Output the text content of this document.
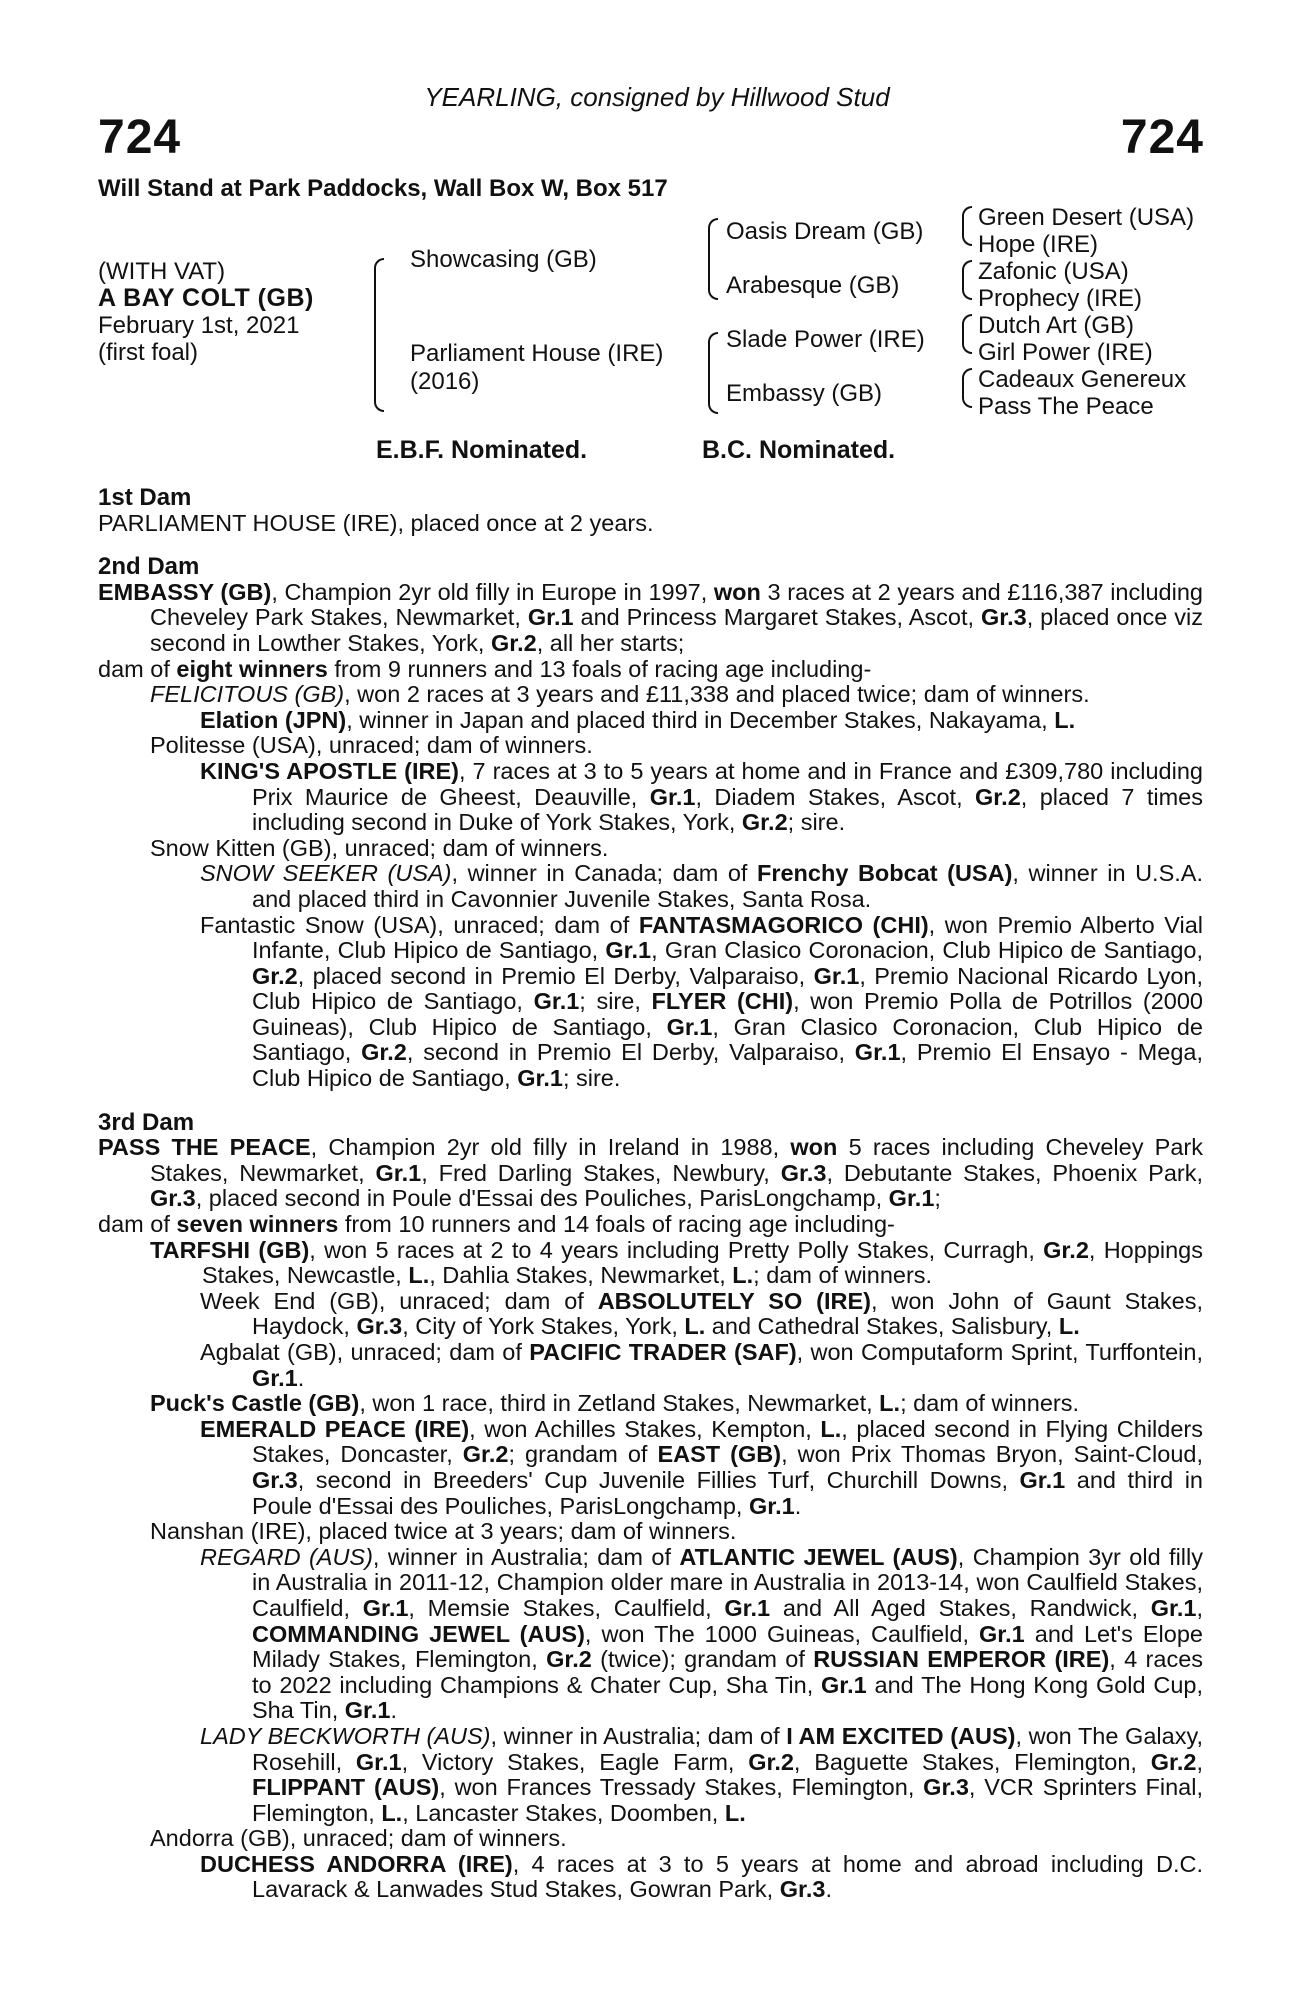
YEARLING, consigned by Hillwood Stud
724	724
Will Stand at Park Paddocks, Wall Box W, Box 517
(WITH VAT)
A BAY COLT (GB)
February 1st, 2021
(first foal)
Showcasing (GB)
Parliament House (IRE)
(2016)
Oasis Dream (GB)
Arabesque (GB)
Slade Power (IRE)
Embassy (GB)
Green Desert (USA)
Hope (IRE)
Zafonic (USA)
Prophecy (IRE)
Dutch Art (GB)
Girl Power (IRE)
Cadeaux Genereux
Pass The Peace
E.B.F. Nominated.	B.C. Nominated.

1st Dam

PARLIAMENT HOUSE (IRE), placed once at 2 years.

2nd Dam

EMBASSY (GB), Champion 2yr old filly in Europe in 1997, won 3 races at 2 years and £116,387 including Cheveley Park Stakes, Newmarket, Gr.1 and Princess Margaret Stakes, Ascot, Gr.3, placed once viz second in Lowther Stakes, York, Gr.2, all her starts;

dam of eight winners from 9 runners and 13 foals of racing age including-

FELICITOUS (GB), won 2 races at 3 years and £11,338 and placed twice; dam of winners.

Elation (JPN), winner in Japan and placed third in December Stakes, Nakayama, L.

Politesse (USA), unraced; dam of winners.

KING'S APOSTLE (IRE), 7 races at 3 to 5 years at home and in France and £309,780 including Prix Maurice de Gheest, Deauville, Gr.1, Diadem Stakes, Ascot, Gr.2, placed 7 times including second in Duke of York Stakes, York, Gr.2; sire.

Snow Kitten (GB), unraced; dam of winners.

SNOW SEEKER (USA), winner in Canada; dam of Frenchy Bobcat (USA), winner in U.S.A. and placed third in Cavonnier Juvenile Stakes, Santa Rosa.

Fantastic Snow (USA), unraced; dam of FANTASMAGORICO (CHI), won Premio Alberto Vial Infante, Club Hipico de Santiago, Gr.1, Gran Clasico Coronacion, Club Hipico de Santiago, Gr.2, placed second in Premio El Derby, Valparaiso, Gr.1, Premio Nacional Ricardo Lyon, Club Hipico de Santiago, Gr.1; sire, FLYER (CHI), won Premio Polla de Potrillos (2000 Guineas), Club Hipico de Santiago, Gr.1, Gran Clasico Coronacion, Club Hipico de Santiago, Gr.2, second in Premio El Derby, Valparaiso, Gr.1, Premio El Ensayo - Mega, Club Hipico de Santiago, Gr.1; sire.

3rd Dam

PASS THE PEACE, Champion 2yr old filly in Ireland in 1988, won 5 races including Cheveley Park Stakes, Newmarket, Gr.1, Fred Darling Stakes, Newbury, Gr.3, Debutante Stakes, Phoenix Park, Gr.3, placed second in Poule d'Essai des Pouliches, ParisLongchamp, Gr.1;

dam of seven winners from 10 runners and 14 foals of racing age including-

TARFSHI (GB), won 5 races at 2 to 4 years including Pretty Polly Stakes, Curragh, Gr.2, Hoppings Stakes, Newcastle, L., Dahlia Stakes, Newmarket, L.; dam of winners.

Week End (GB), unraced; dam of ABSOLUTELY SO (IRE), won John of Gaunt Stakes, Haydock, Gr.3, City of York Stakes, York, L. and Cathedral Stakes, Salisbury, L.

Agbalat (GB), unraced; dam of PACIFIC TRADER (SAF), won Computaform Sprint, Turffontein, Gr.1.

Puck's Castle (GB), won 1 race, third in Zetland Stakes, Newmarket, L.; dam of winners.

EMERALD PEACE (IRE), won Achilles Stakes, Kempton, L., placed second in Flying Childers Stakes, Doncaster, Gr.2; grandam of EAST (GB), won Prix Thomas Bryon, Saint-Cloud, Gr.3, second in Breeders' Cup Juvenile Fillies Turf, Churchill Downs, Gr.1 and third in Poule d'Essai des Pouliches, ParisLongchamp, Gr.1.

Nanshan (IRE), placed twice at 3 years; dam of winners.

REGARD (AUS), winner in Australia; dam of ATLANTIC JEWEL (AUS), Champion 3yr old filly in Australia in 2011-12, Champion older mare in Australia in 2013-14, won Caulfield Stakes, Caulfield, Gr.1, Memsie Stakes, Caulfield, Gr.1 and All Aged Stakes, Randwick, Gr.1, COMMANDING JEWEL (AUS), won The 1000 Guineas, Caulfield, Gr.1 and Let's Elope Milady Stakes, Flemington, Gr.2 (twice); grandam of RUSSIAN EMPEROR (IRE), 4 races to 2022 including Champions & Chater Cup, Sha Tin, Gr.1 and The Hong Kong Gold Cup, Sha Tin, Gr.1.

LADY BECKWORTH (AUS), winner in Australia; dam of I AM EXCITED (AUS), won The Galaxy, Rosehill, Gr.1, Victory Stakes, Eagle Farm, Gr.2, Baguette Stakes, Flemington, Gr.2, FLIPPANT (AUS), won Frances Tressady Stakes, Flemington, Gr.3, VCR Sprinters Final, Flemington, L., Lancaster Stakes, Doomben, L.

Andorra (GB), unraced; dam of winners.

DUCHESS ANDORRA (IRE), 4 races at 3 to 5 years at home and abroad including D.C. Lavarack & Lanwades Stud Stakes, Gowran Park, Gr.3.
